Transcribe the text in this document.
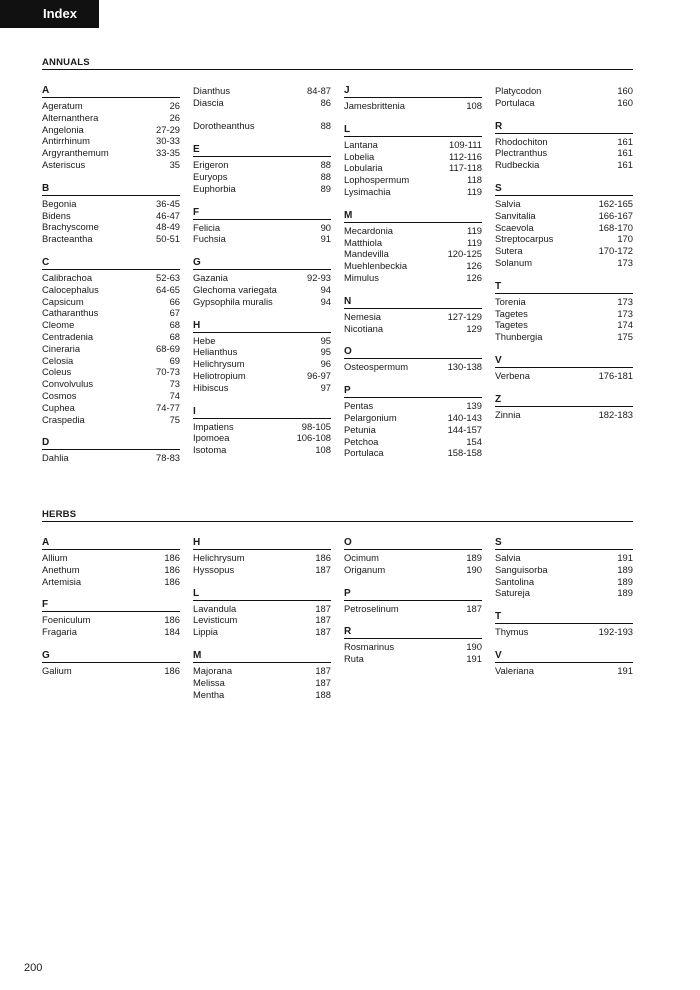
Index
ANNUALS
A
Ageratum	26
Alternanthera	26
Angelonia	27-29
Antirrhinum	30-33
Argyranthemum	33-35
Asteriscus	35
B
Begonia	36-45
Bidens	46-47
Brachyscome	48-49
Bracteantha	50-51
C
Calibrachoa	52-63
Calocephalus	64-65
Capsicum	66
Catharanthus	67
Cleome	68
Centradenia	68
Cineraria	68-69
Celosia	69
Coleus	70-73
Convolvulus	73
Cosmos	74
Cuphea	74-77
Craspedia	75
D
Dahlia	78-83
Dianthus	84-87
Diascia	86

Dorotheanthus	88
E
Erigeron	88
Euryops	88
Euphorbia	89
F
Felicia	90
Fuchsia	91
G
Gazania	92-93
Glechoma variegata	94
Gypsophila muralis	94
H
Hebe	95
Helianthus	95
Helichrysum	96
Heliotropium	96-97
Hibiscus	97
I
Impatiens	98-105
Ipomoea	106-108
Isotoma	108
J
Jamesbrittenia	108
L
Lantana	109-111
Lobelia	112-116
Lobularia	117-118
Lophospermum	118
Lysimachia	119
M
Mecardonia	119
Matthiola	119
Mandevilla	120-125
Muehlenbeckia	126
Mimulus	126
N
Nemesia	127-129
Nicotiana	129
O
Osteospermum	130-138
P
Pentas	139
Pelargonium	140-143
Petunia	144-157
Petchoa	154
Portulaca	158-158
Platycodon	160
Portulaca	160
R
Rhodochiton	161
Plectranthus	161
Rudbeckia	161
S
Salvia	162-165
Sanvitalia	166-167
Scaevola	168-170
Streptocarpus	170
Sutera	170-172
Solanum	173
T
Torenia	173
Tagetes	173
Tagetes	174
Thunbergia	175
V
Verbena	176-181
Z
Zinnia	182-183
HERBS
A
Allium	186
Anethum	186
Artemisia	186
F
Foeniculum	186
Fragaria	184
G
Galium	186
H
Helichrysum	186
Hyssopus	187
L
Lavandula	187
Levisticum	187
Lippia	187
M
Majorana	187
Melissa	187
Mentha	188
O
Ocimum	189
Origanum	190
P
Petroselinum	187
R
Rosmarinus	190
Ruta	191
S
Salvia	191
Sanguisorba	189
Santolina	189
Satureja	189
T
Thymus	192-193
V
Valeriana	191
200
